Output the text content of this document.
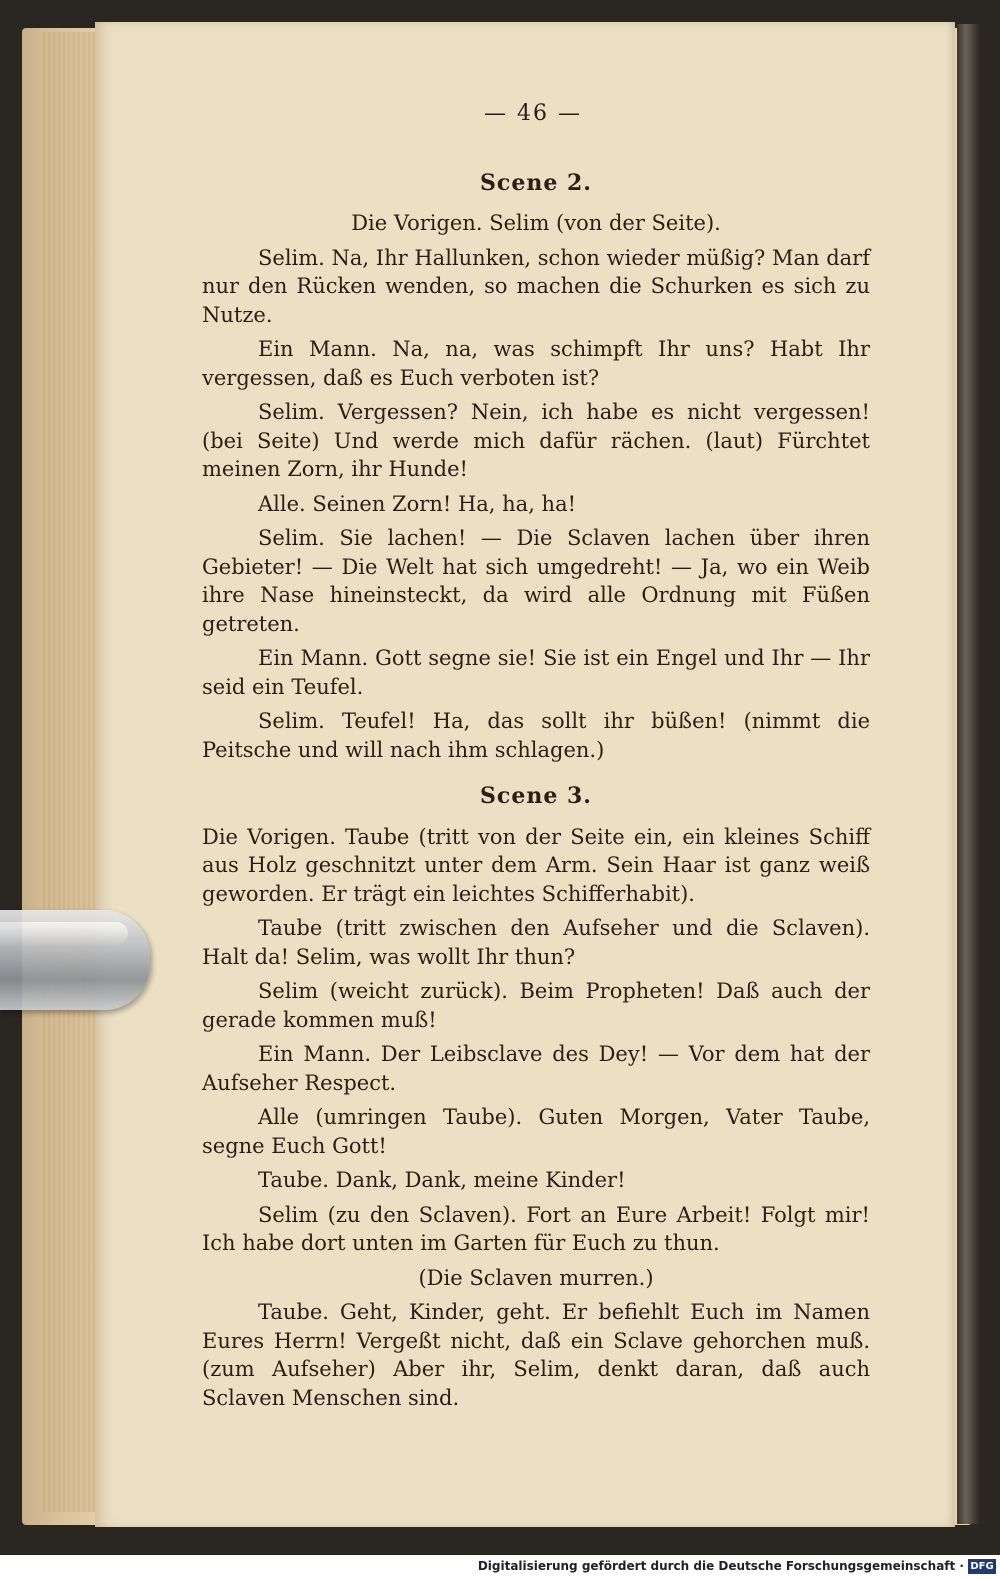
— 46 —
Scene 2.
Die Vorigen. Selim (von der Seite).

Selim. Na, Ihr Hallunken, schon wieder müßig? Man darf nur den Rücken wenden, so machen die Schurken es sich zu Nutze.

Ein Mann. Na, na, was schimpft Ihr uns? Habt Ihr vergessen, daß es Euch verboten ist?

Selim. Vergessen? Nein, ich habe es nicht vergessen! (bei Seite) Und werde mich dafür rächen. (laut) Fürchtet meinen Zorn, ihr Hunde!

Alle. Seinen Zorn! Ha, ha, ha!

Selim. Sie lachen! — Die Sclaven lachen über ihren Gebieter! — Die Welt hat sich umgedreht! — Ja, wo ein Weib ihre Nase hineinsteckt, da wird alle Ordnung mit Füßen getreten.

Ein Mann. Gott segne sie! Sie ist ein Engel und Ihr — Ihr seid ein Teufel.

Selim. Teufel! Ha, das sollt ihr büßen! (nimmt die Peitsche und will nach ihm schlagen.)

Scene 3.

Die Vorigen. Taube (tritt von der Seite ein, ein kleines Schiff aus Holz geschnitzt unter dem Arm. Sein Haar ist ganz weiß geworden. Er trägt ein leichtes Schifferhabit).

Taube (tritt zwischen den Aufseher und die Sclaven). Halt da! Selim, was wollt Ihr thun?

Selim (weicht zurück). Beim Propheten! Daß auch der gerade kommen muß!

Ein Mann. Der Leibsclave des Dey! — Vor dem hat der Aufseher Respect.

Alle (umringen Taube). Guten Morgen, Vater Taube, segne Euch Gott!

Taube. Dank, Dank, meine Kinder!

Selim (zu den Sclaven). Fort an Eure Arbeit! Folgt mir! Ich habe dort unten im Garten für Euch zu thun.

(Die Sclaven murren.)

Taube. Geht, Kinder, geht. Er befiehlt Euch im Namen Eures Herrn! Vergeßt nicht, daß ein Sclave gehorchen muß. (zum Aufseher) Aber ihr, Selim, denkt daran, daß auch Sclaven Menschen sind.

Digitalisierung gefördert durch die Deutsche Forschungsgemeinschaft · DFG
